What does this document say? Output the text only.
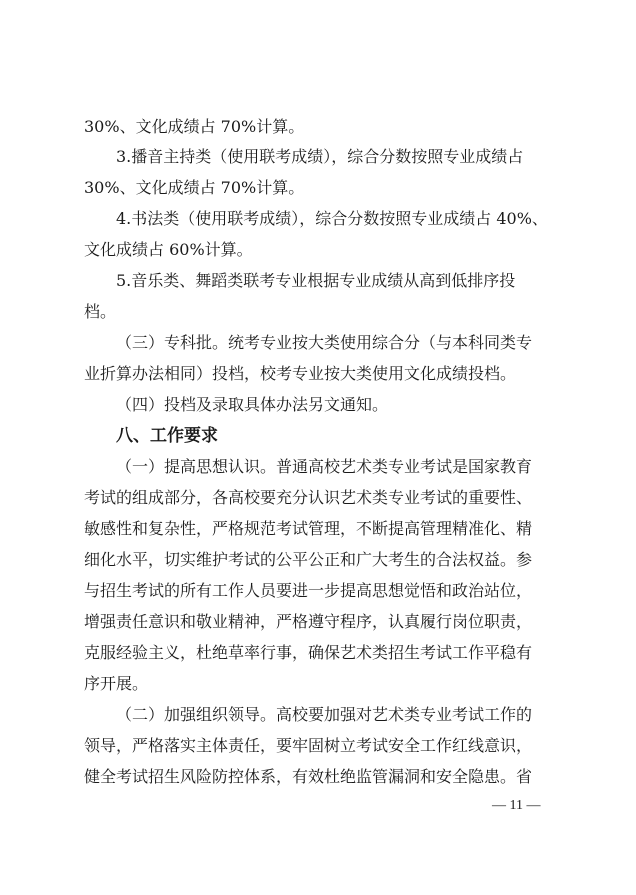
30%、文化成绩占 70%计算。
3.播音主持类（使用联考成绩），综合分数按照专业成绩占
30%、文化成绩占 70%计算。
4.书法类（使用联考成绩），综合分数按照专业成绩占 40%、
文化成绩占 60%计算。
5.音乐类、舞蹈类联考专业根据专业成绩从高到低排序投
档。
（三）专科批。统考专业按大类使用综合分（与本科同类专
业折算办法相同）投档，校考专业按大类使用文化成绩投档。
（四）投档及录取具体办法另文通知。
八、工作要求
（一）提高思想认识。普通高校艺术类专业考试是国家教育
考试的组成部分，各高校要充分认识艺术类专业考试的重要性、
敏感性和复杂性，严格规范考试管理，不断提高管理精准化、精
细化水平，切实维护考试的公平公正和广大考生的合法权益。参
与招生考试的所有工作人员要进一步提高思想觉悟和政治站位，
增强责任意识和敬业精神，严格遵守程序，认真履行岗位职责，
克服经验主义，杜绝草率行事，确保艺术类招生考试工作平稳有
序开展。
（二）加强组织领导。高校要加强对艺术类专业考试工作的
领导，严格落实主体责任，要牢固树立考试安全工作红线意识，
健全考试招生风险防控体系，有效杜绝监管漏洞和安全隐患。省
— 11 —
